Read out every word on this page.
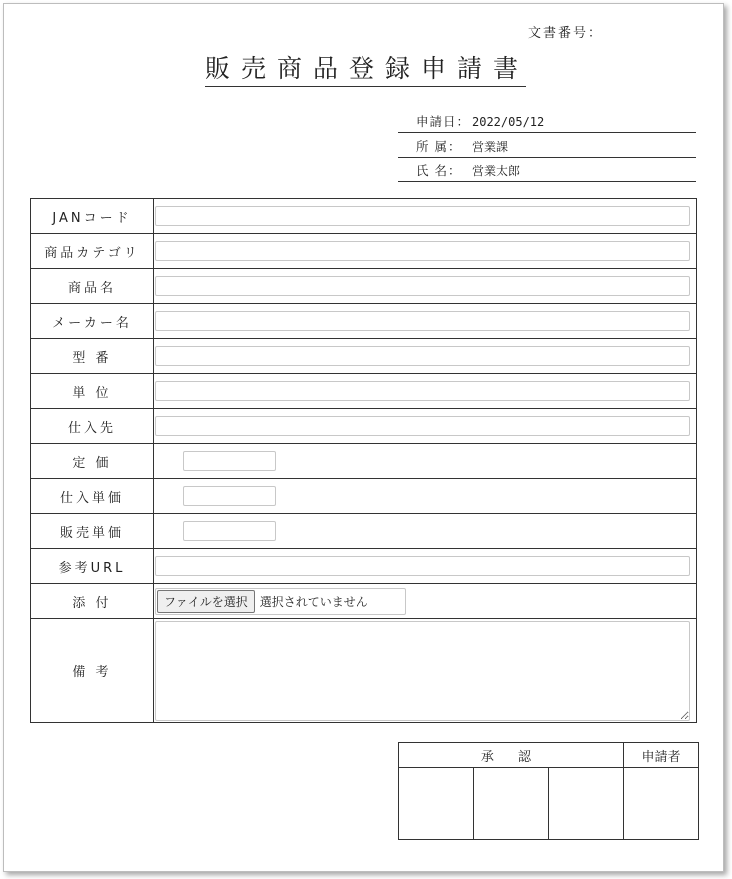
文書番号：
販売商品登録申請書
申請日： 2022/05/12
所 属： 営業課
氏 名： 営業太郎
JANコード	

商品カテゴリ	

商品名	

メーカー名	

型 番	

単 位	

仕入先	

定 価	

仕入単価	

販売単価	

参考URL	

添 付	ファイルを選択 選択されていません

備 考	
承 認			申請者
